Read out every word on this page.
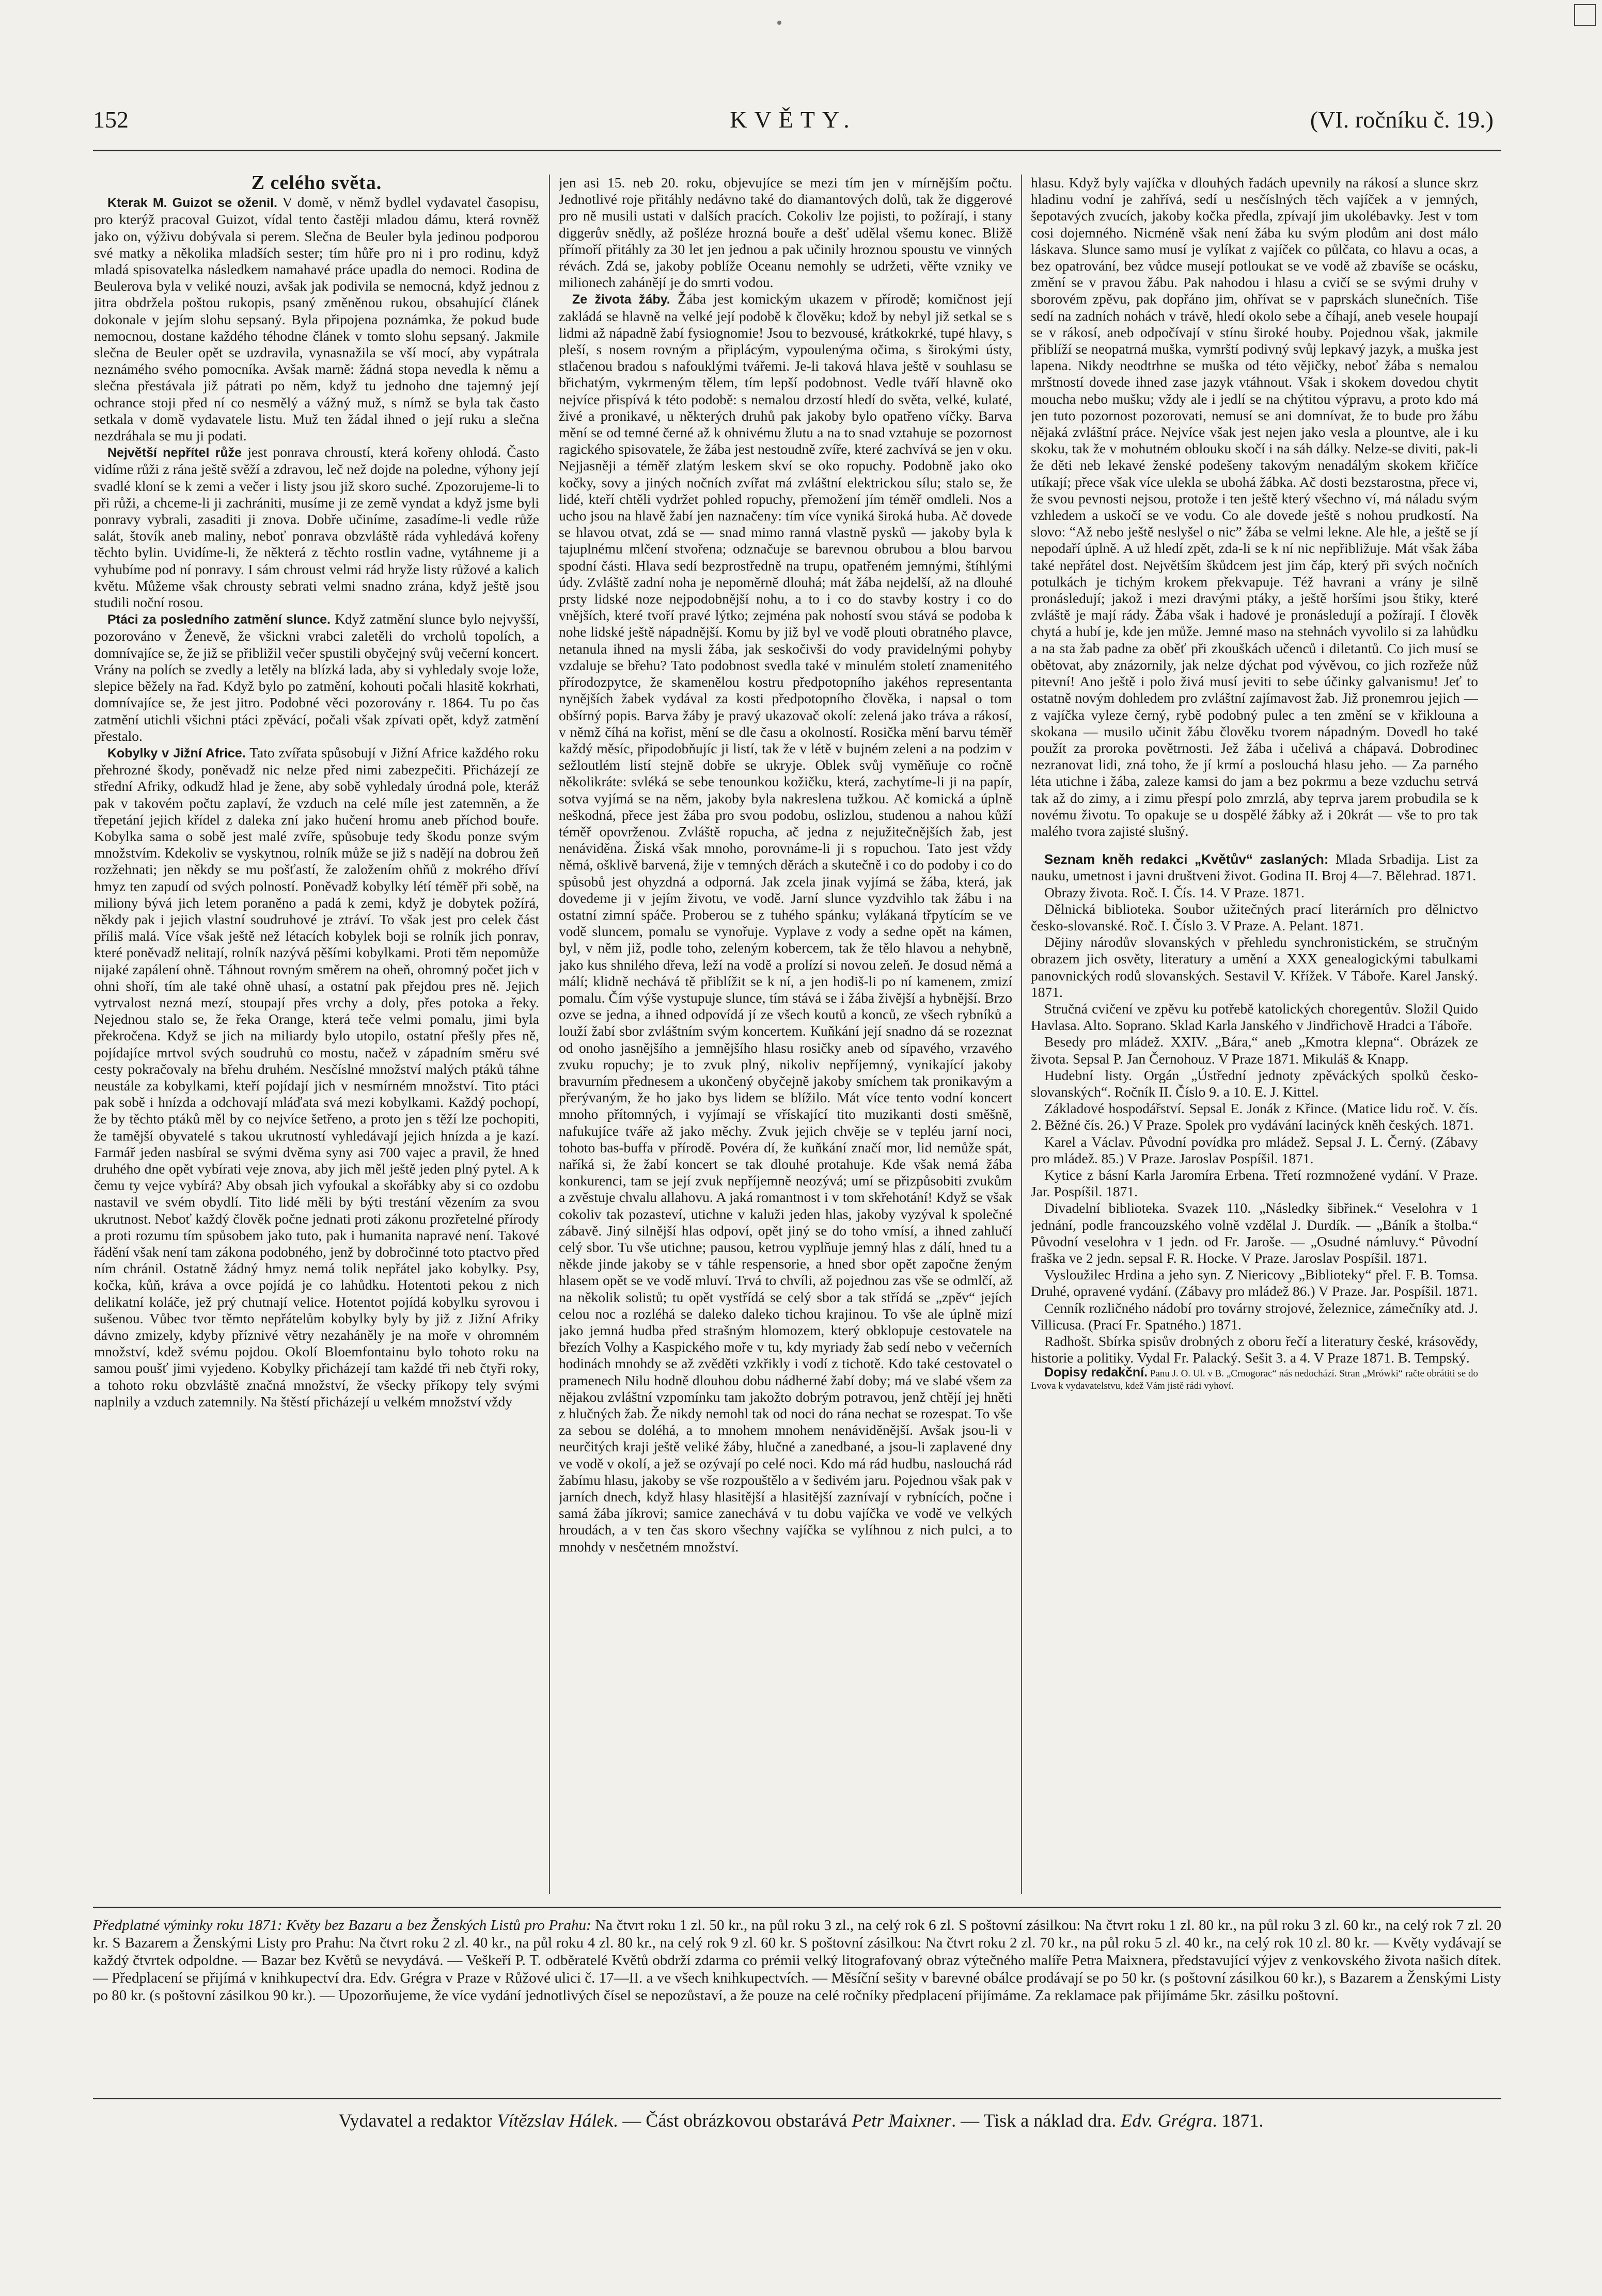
152	KVĚTY.	(VI. ročníku č. 19.)
Z celého světa.

Kterak M. Guizot se oženil. V domě, v němž bydlel vydavatel časopisu, pro kterýž pracoval Guizot, vídal tento častěji mladou dámu, která rovněž jako on, výživu dobývala si perem. Slečna de Beuler byla jedinou podporou své matky a několika mladších sester; tím hůře pro ni i pro rodinu, když mladá spisovatelka následkem namahavé práce upadla do nemoci. Rodina de Beulerova byla v veliké nouzi, avšak jak podivila se nemocná, když jednou z jitra obdržela poštou rukopis, psaný změněnou rukou, obsahující článek dokonale v jejím slohu sepsaný. Byla připojena poznámka, že pokud bude nemocnou, dostane každého téhodne článek v tomto slohu sepsaný. Jakmile slečna de Beuler opět se uzdravila, vynasnažila se vší mocí, aby vypátrala neznámého svého pomocníka. Avšak marně: žádná stopa nevedla k němu a slečna přestávala již pátrati po něm, když tu jednoho dne tajemný její ochrance stoji před ní co nesmělý a vážný muž, s nímž se byla tak často setkala v domě vydavatele listu. Muž ten žádal ihned o její ruku a slečna nezdráhala se mu ji podati.

Největší nepřítel růže jest ponrava chroustí, která kořeny ohlodá. Často vidíme růži z rána ještě svěží a zdravou, leč než dojde na poledne, výhony její svadlé kloní se k zemi a večer i listy jsou již skoro suché. Zpozorujeme-li to při růži, a chceme-li ji zachrániti, musíme ji ze země vyndat a když jsme byli ponravy vybrali, zasaditi ji znova. Dobře učiníme, zasadíme-li vedle růže salát, štovík aneb maliny, neboť ponrava obzvláště ráda vyhledává kořeny těchto bylin. Uvidíme-li, že některá z těchto rostlin vadne, vytáhneme ji a vyhubíme pod ní ponravy. I sám chroust velmi rád hryže listy růžové a kalich květu. Můžeme však chrousty sebrati velmi snadno zrána, když ještě jsou studili noční rosou.

Ptáci za posledního zatmění slunce. Když zatmění slunce bylo nejvyšší, pozorováno v Ženevě, že všickni vrabci zaletěli do vrcholů topolích, a domnívajíce se, že již se přibližil večer spustili obyčejný svůj večerní koncert. Vrány na polích se zvedly a letěly na blízká lada, aby si vyhledaly svoje lože, slepice běžely na řad. Když bylo po zatmění, kohouti počali hlasitě kokrhati, domnívajíce se, že jest jitro. Podobné věci pozorovány r. 1864. Tu po čas zatmění utichli všichni ptáci zpěvácí, počali však zpívati opět, když zatmění přestalo.

Kobylky v Jižní Africe. Tato zvířata spůsobují v Jižní Africe každého roku přehrozné škody, poněvadž nic nelze před nimi zabezpečiti. Přicházejí ze střední Afriky, odkudž hlad je žene, aby sobě vyhledaly úrodná pole, kteráž pak v takovém počtu zaplaví, že vzduch na celé míle jest zatemněn, a že třepetání jejich křídel z daleka zní jako hučení hromu aneb příchod bouře. Kobylka sama o sobě jest malé zvíře, spůsobuje tedy škodu ponze svým množstvím. Kdekoliv se vyskytnou, rolník může se již s nadějí na dobrou žeň rozžehnati; jen někdy se mu pošťastí, že založením ohňů z mokrého dříví hmyz ten zapudí od svých polností. Poněvadž kobylky létí téměř při sobě, na miliony bývá jich letem poraněno a padá k zemi, když je dobytek požírá, někdy pak i jejich vlastní soudruhové je ztráví. To však jest pro celek část příliš malá. Více však ještě než létacích kobylek boji se rolník jich ponrav, které poněvadž nelitají, rolník nazývá pěšími kobylkami. Proti těm nepomůže nijaké zapálení ohně. Táhnout rovným směrem na oheň, ohromný počet jich v ohni shoří, tím ale také ohně uhasí, a ostatní pak přejdou pres ně. Jejich vytrvalost nezná mezí, stoupají přes vrchy a doly, přes potoka a řeky. Nejednou stalo se, že řeka Orange, která teče velmi pomalu, jimi byla překročena. Když se jich na miliardy bylo utopilo, ostatní přešly přes ně, pojídajíce mrtvol svých soudruhů co mostu, načež v západním směru své cesty pokračovaly na břehu druhém. Nesčíslné množství malých ptáků táhne neustále za kobylkami, kteří pojídají jich v nesmírném množství. Tito ptáci pak sobě i hnízda a odchovají mláďata svá mezi kobylkami. Každý pochopí, že by těchto ptáků měl by co nejvíce šetřeno, a proto jen s těží lze pochopiti, že tamější obyvatelé s takou ukrutností vyhledávají jejich hnízda a je kazí. Farmář jeden nasbíral se svými dvěma syny asi 700 vajec a pravil, že hned druhého dne opět vybírati veje znova, aby jich měl ještě jeden plný pytel. A k čemu ty vejce vybírá? Aby obsah jich vyfoukal a skořábky aby si co ozdobu nastavil ve svém obydlí. Tito lidé měli by býti trestání vězením za svou ukrutnost. Neboť každý člověk počne jednati proti zákonu prozřetelné přírody a proti rozumu tím spůsobem jako tuto, pak i humanita napravé není. Takové řádění však není tam zákona podobného, jenž by dobročinné toto ptactvo před ním chránil. Ostatně žádný hmyz nemá tolik nepřátel jako kobylky. Psy, kočka, kůň, kráva a ovce pojídá je co lahůdku. Hotentoti pekou z nich delikatní koláče, jež prý chutnají velice. Hotentot pojídá kobylku syrovou i sušenou. Vůbec tvor těmto nepřátelům kobylky byly by již z Jižní Afriky dávno zmizely, kdyby příznivé větry nezaháněly je na moře v ohromném množství, kdež svému pojdou. Okolí Bloemfontainu bylo tohoto roku na samou poušť jimi vyjedeno. Kobylky přicházejí tam každé tři neb čtyři roky, a tohoto roku obzvláště značná množství, že všecky příkopy tely svými naplnily a vzduch zatemnily. Na štěstí přicházejí u velkém množství vždy

jen asi 15. neb 20. roku, objevujíce se mezi tím jen v mírnějším počtu. Jednotlivé roje přitáhly nedávno také do diamantových dolů, tak že diggerové pro ně musili ustati v dalších pracích. Cokoliv lze pojisti, to požírají, i stany diggerův snědly, až pošléze hrozná bouře a dešť udělal všemu konec. Bližě přímoří přitáhly za 30 let jen jednou a pak učinily hroznou spoustu ve vinných révách. Zdá se, jakoby poblíže Oceanu nemohly se udržeti, věřte vzniky ve milionech zahánějí je do smrti vodou.

Ze života žáby. Žába jest komickým ukazem v přírodě; komičnost její zakládá se hlavně na velké její podobě k člověku; kdož by nebyl již setkal se s lidmi až nápadně žabí fysiognomie! Jsou to bezvousé, krátkokrké, tupé hlavy, s pleší, s nosem rovným a připlácým, vypoulenýma očima, s širokými ústy, stlačenou bradou s nafouklými tvářemi. Je-li taková hlava ještě v souhlasu se břichatým, vykrmeným tělem, tím lepší podobnost. Vedle tváří hlavně oko nejvíce přispívá k této podobě: s nemalou drzostí hledí do světa, velké, kulaté, živé a pronikavé, u některých druhů pak jakoby bylo opatřeno víčky. Barva mění se od temné černé až k ohnivému žlutu a na to snad vztahuje se pozornost ragického spisovatele, že žába jest nestoudně zvíře, které zachvívá se jen v oku. Nejjasněji a téměř zlatým leskem skví se oko ropuchy. Podobně jako oko kočky, sovy a jiných nočních zvířat má zvláštní elektrickou sílu; stalo se, že lidé, kteří chtěli vydržet pohled ropuchy, přemožení jím téměř omdleli. Nos a ucho jsou na hlavě žabí jen naznačeny: tím více vyniká široká huba. Ač dovede se hlavou otvat, zdá se — snad mimo ranná vlastně pysků — jakoby byla k tajuplnému mlčení stvořena; odznačuje se barevnou obrubou a blou barvou spodní části. Hlava sedí bezprostředně na trupu, opatřeném jemnými, štíhlými údy. Zvláště zadní noha je nepoměrně dlouhá; mát žába nejdelší, až na dlouhé prsty lidské noze nejpodobnější nohu, a to i co do stavby kostry i co do vnějších, které tvoří pravé lýtko; zejména pak nohostí svou stává se podoba k nohe lidské ještě nápadnější. Komu by již byl ve vodě plouti obratného plavce, netanula ihned na mysli žába, jak seskočivši do vody pravidelnými pohyby vzdaluje se břehu? Tato podobnost svedla také v minulém století znamenitého přírodozpytce, že skamenělou kostru předpotopního jakéhos representanta nynějších žabek vydával za kosti předpotopního člověka, i napsal o tom obšírný popis. Barva žáby je pravý ukazovač okolí: zelená jako tráva a rákosí, v němž číhá na kořist, mění se dle času a okolností. Rosička mění barvu téměř každý měsíc, připodobňujíc ji listí, tak že v létě v bujném zeleni a na podzim v sežloutlém listí stejně dobře se ukryje. Oblek svůj vyměňuje co ročně několikráte: svléká se sebe tenounkou kožičku, která, zachytíme-li ji na papír, sotva vyjímá se na něm, jakoby byla nakreslena tužkou. Ač komická a úplně neškodná, přece jest žába pro svou podobu, oslizlou, studenou a nahou kůží téměř opovrženou. Zvláště ropucha, ač jedna z nejužitečnějších žab, jest nenáviděna. Žiská však mnoho, porovnáme-li ji s ropuchou. Tato jest vždy němá, ošklivě barvená, žije v temných děrách a skutečně i co do podoby i co do spůsobů jest ohyzdná a odporná. Jak zcela jinak vyjímá se žába, která, jak dovedeme ji v jejím životu, ve vodě. Jarní slunce vyzdvihlo tak žábu i na ostatní zimní spáče. Proberou se z tuhého spánku; vylákaná třpytícím se ve vodě sluncem, pomalu se vynořuje. Vyplave z vody a sedne opět na kámen, byl, v něm již, podle toho, zeleným kobercem, tak že tělo hlavou a nehybně, jako kus shnilého dřeva, leží na vodě a prolízí si novou zeleň. Je dosud němá a málí; klidně nechává tě přiblížit se k ní, a jen hodiš-li po ní kamenem, zmizí pomalu. Čím výše vystupuje slunce, tím stává se i žába živější a hybnější. Brzo ozve se jedna, a ihned odpovídá jí ze všech koutů a konců, ze všech rybníků a louží žabí sbor zvláštním svým koncertem. Kuňkání její snadno dá se rozeznat od onoho jasnějšího a jemnějšího hlasu rosičky aneb od sípavého, vrzavého zvuku ropuchy; je to zvuk plný, nikoliv nepříjemný, vynikající jakoby bravurním přednesem a ukončený obyčejně jakoby smíchem tak pronikavým a přerývaným, že ho jako bys lidem se blížilo. Mát více tento vodní koncert mnoho přítomných, i vyjímají se vřískající tito muzikanti dosti směšně, nafukujíce tváře až jako měchy. Zvuk jejich chvěje se v tepléu jarní noci, tohoto bas-buffa v přírodě. Povéra dí, že kuňkání značí mor, lid nemůže spát, naříká si, že žabí koncert se tak dlouhé protahuje. Kde však nemá žába konkurenci, tam se její zvuk nepříjemně neozývá; umí se přizpůsobiti zvukům a zvěstuje chvalu allahovu. A jaká romantnost i v tom skřehotání! Když se však cokoliv tak pozasteví, utichne v kaluži jeden hlas, jakoby vyzýval k společné zábavě. Jiný silnější hlas odpoví, opět jiný se do toho vmísí, a ihned zahlučí celý sbor. Tu vše utichne; pausou, ketrou vyplňuje jemný hlas z dálí, hned tu a někde jinde jakoby se v táhle respensorie, a hned sbor opět započne ženým hlasem opět se ve vodě mluví. Trvá to chvíli, až pojednou zas vše se odmlčí, až na několik solistů; tu opět vystřídá se celý sbor a tak střídá se „zpěv“ jejích celou noc a rozléhá se daleko daleko tichou krajinou. To vše ale úplně mizí jako jemná hudba před strašným hlomozem, který obklopuje cestovatele na březích Volhy a Kaspického moře v tu, kdy myriady žab sedí nebo v večerních hodinách mnohdy se až zvěděti vzkřikly i vodí z tichotě. Kdo také cestovatel o pramenech Nilu hodně dlouhou dobu nádherné žabí doby; má ve slabé všem za nějakou zvláštní vzpomínku tam jakožto dobrým potravou, jenž chtějí jej hněti z hlučných žab. Že nikdy nemohl tak od noci do rána nechat se rozespat. To vše za sebou se doléhá, a to mnohem mnohem nenáviděnější. Avšak jsou-li v neurčitých kraji ještě veliké žáby, hlučné a zanedbané, a jsou-li zaplavené dny ve vodě v okolí, a jež se ozývají po celé noci. Kdo má rád hudbu, naslouchá rád žabímu hlasu, jakoby se vše rozpouštělo a v šedivém jaru. Pojednou však pak v jarních dnech, když hlasy hlasitější a hlasitější zaznívají v rybnících, počne i samá žába jíkrovi; samice zanechává v tu dobu vajíčka ve vodě ve velkých hroudách, a v ten čas skoro všechny vajíčka se vylíhnou z nich pulci, a to mnohdy v nesčetném množství.

hlasu. Když byly vajíčka v dlouhých řadách upevnily na rákosí a slunce skrz hladinu vodní je zahřívá, sedí u nesčíslných těch vajíček a v jemných, šepotavých zvucích, jakoby kočka předla, zpívají jim ukolébavky. Jest v tom cosi dojemného. Nicméně však není žába ku svým plodům ani dost málo láskava. Slunce samo musí je vylíkat z vajíček co půlčata, co hlavu a ocas, a bez opatrování, bez vůdce musejí potloukat se ve vodě až zbavíše se ocásku, změní se v pravou žábu. Pak nahodou i hlasu a cvičí se se svými druhy v sborovém zpěvu, pak dopřáno jim, ohřívat se v paprskách slunečních. Tiše sedí na zadních nohách v trávě, hledí okolo sebe a číhají, aneb vesele houpají se v rákosí, aneb odpočívají v stínu široké houby. Pojednou však, jakmile přiblíží se neopatrná muška, vymrští podivný svůj lepkavý jazyk, a muška jest lapena. Nikdy neodtrhne se muška od této vějičky, neboť žába s nemalou mrštností dovede ihned zase jazyk vtáhnout. Však i skokem dovedou chytit moucha nebo mušku; vždy ale i jedlí se na chýtitou výpravu, a proto kdo má jen tuto pozornost pozorovati, nemusí se ani domnívat, že to bude pro žábu nějaká zvláštní práce. Nejvíce však jest nejen jako vesla a plountve, ale i ku skoku, tak že v mohutném oblouku skočí i na sáh dálky. Nelze-se diviti, pak-li že děti neb lekavé ženské podešeny takovým nenadálým skokem křičíce utíkají; přece však více ulekla se ubohá žábka. Ač dosti bezstarostna, přece vi, že svou pevnosti nejsou, protože i ten ještě který všechno ví, má náladu svým vzhledem a uskočí se ve vodu. Co ale dovede ještě s nohou prudkostí. Na slovo: “Až nebo ještě neslyšel o nic” žába se velmi lekne. Ale hle, a ještě se jí nepodaří úplně. A už hledí zpět, zda-li se k ní nic nepřibližuje. Mát však žába také nepřátel dost. Největším škůdcem jest jim čáp, který při svých nočních potulkách je tichým krokem překvapuje. Též havrani a vrány je silně pronásledují; jakož i mezi dravými ptáky, a ještě horšími jsou štiky, které zvláště je mají rády. Žába však i hadové je pronásledují a požírají. I člověk chytá a hubí je, kde jen může. Jemné maso na stehnách vyvolilo si za lahůdku a na sta žab padne za oběť při zkouškách učenců i diletantů. Co jich musí se obětovat, aby znázornily, jak nelze dýchat pod vývěvou, co jich rozřeže nůž pitevní! Ano ještě i polo živá musí jeviti to sebe účinky galvanismu! Jeť to ostatně novým dohledem pro zvláštní zajímavost žab. Již pronemrou jejich — z vajíčka vyleze černý, rybě podobný pulec a ten změní se v křiklouna a skokana — musilo učinit žábu člověku tvorem nápadným. Dovedl ho také použít za proroka povětrnosti. Jež žába i učelivá a chápavá. Dobrodinec nezranovat lidi, zná toho, že jí krmí a poslouchá hlasu jeho. — Za parného léta utichne i žába, zaleze kamsi do jam a bez pokrmu a beze vzduchu setrvá tak až do zimy, a i zimu přespí polo zmrzlá, aby teprva jarem probudila se k novému životu. To opakuje se u dospělé žábky až i 20krát — vše to pro tak malého tvora zajisté slušný.

Seznam kněh redakci „Květův“ zaslaných: Mlada Srbadija. List za nauku, umetnost i javni društveni život. Godina II. Broj 4—7. Bělehrad. 1871.

Obrazy života. Roč. I. Čís. 14. V Praze. 1871.

Dělnická biblioteka. Soubor užitečných prací literárních pro dělnictvo česko-slovanské. Roč. I. Číslo 3. V Praze. A. Pelant. 1871.

Dějiny národův slovanských v přehledu synchronistickém, se stručným obrazem jich osvěty, literatury a umění a XXX genealogickými tabulkami panovnických rodů slovanských. Sestavil V. Křížek. V Táboře. Karel Janský. 1871.

Stručná cvičení ve zpěvu ku potřebě katolických choregentův. Složil Quido Havlasa. Alto. Soprano. Sklad Karla Janského v Jindřichově Hradci a Táboře.

Besedy pro mládež. XXIV. „Bára,“ aneb „Kmotra klepna“. Obrázek ze života. Sepsal P. Jan Černohouz. V Praze 1871. Mikuláš & Knapp.

Hudební listy. Orgán „Ústřední jednoty zpěváckých spolků česko-slovanských“. Ročník II. Číslo 9. a 10. E. J. Kittel.

Základové hospodářství. Sepsal E. Jonák z Křince. (Matice lidu roč. V. čís. 2. Běžné čís. 26.) V Praze. Spolek pro vydávání lacinýck kněh českých. 1871.

Karel a Václav. Původní povídka pro mládež. Sepsal J. L. Černý. (Zábavy pro mládež. 85.) V Praze. Jaroslav Pospíšil. 1871.

Kytice z básní Karla Jaromíra Erbena. Třetí rozmnožené vydání. V Praze. Jar. Pospíšil. 1871.

Divadelní biblioteka. Svazek 110. „Následky šibřinek.“ Veselohra v 1 jednání, podle francouzského volně vzdělal J. Durdík. — „Báník a štolba.“ Původní veselohra v 1 jedn. od Fr. Jaroše. — „Osudné námluvy.“ Původní fraška ve 2 jedn. sepsal F. R. Hocke. V Praze. Jaroslav Pospíšil. 1871.

Vysloužilec Hrdina a jeho syn. Z Niericovy „Biblioteky“ přel. F. B. Tomsa. Druhé, opravené vydání. (Zábavy pro mládež 86.) V Praze. Jar. Pospíšil. 1871.

Cenník rozličného nádobí pro továrny strojové, železnice, zámečníky atd. J. Villicusa. (Prací Fr. Spatného.) 1871.

Radhošt. Sbírka spisův drobných z oboru řečí a literatury české, krásovědy, historie a politiky. Vydal Fr. Palacký. Sešit 3. a 4. V Praze 1871. B. Tempský.

Dopisy redakční. Panu J. O. Ul. v B. „Crnogorac“ nás nedochází. Stran „Mrówki“ račte obrátiti se do Lvova k vydavatelstvu, kdež Vám jistě rádi vyhoví.

Předplatné výminky roku 1871: Květy bez Bazaru a bez Ženských Listů pro Prahu: Na čtvrt roku 1 zl. 50 kr., na půl roku 3 zl., na celý rok 6 zl. S poštovní zásilkou: Na čtvrt roku 1 zl. 80 kr., na půl roku 3 zl. 60 kr., na celý rok 7 zl. 20 kr. S Bazarem a Ženskými Listy pro Prahu: Na čtvrt roku 2 zl. 40 kr., na půl roku 4 zl. 80 kr., na celý rok 9 zl. 60 kr. S poštovní zásilkou: Na čtvrt roku 2 zl. 70 kr., na půl roku 5 zl. 40 kr., na celý rok 10 zl. 80 kr. — Květy vydávají se každý čtvrtek odpoldne. — Bazar bez Květů se nevydává. — Veškeří P. T. odběratelé Květů obdrží zdarma co prémii velký litografovaný obraz výtečného malíře Petra Maixnera, představující výjev z venkovského života našich dítek. — Předplacení se přijímá v knihkupectví dra. Edv. Grégra v Praze v Růžové ulici č. 17—II. a ve všech knihkupectvích. — Měsíční sešity v barevné obálce prodávají se po 50 kr. (s poštovní zásilkou 60 kr.), s Bazarem a Ženskými Listy po 80 kr. (s poštovní zásilkou 90 kr.). — Upozorňujeme, že více vydání jednotlivých čísel se nepozůstaví, a že pouze na celé ročníky předplacení přijímáme. Za reklamace pak přijímáme 5kr. zásilku poštovní.
Vydavatel a redaktor Vítězslav Hálek. — Část obrázkovou obstarává Petr Maixner. — Tisk a náklad dra. Edv. Grégra. 1871.
